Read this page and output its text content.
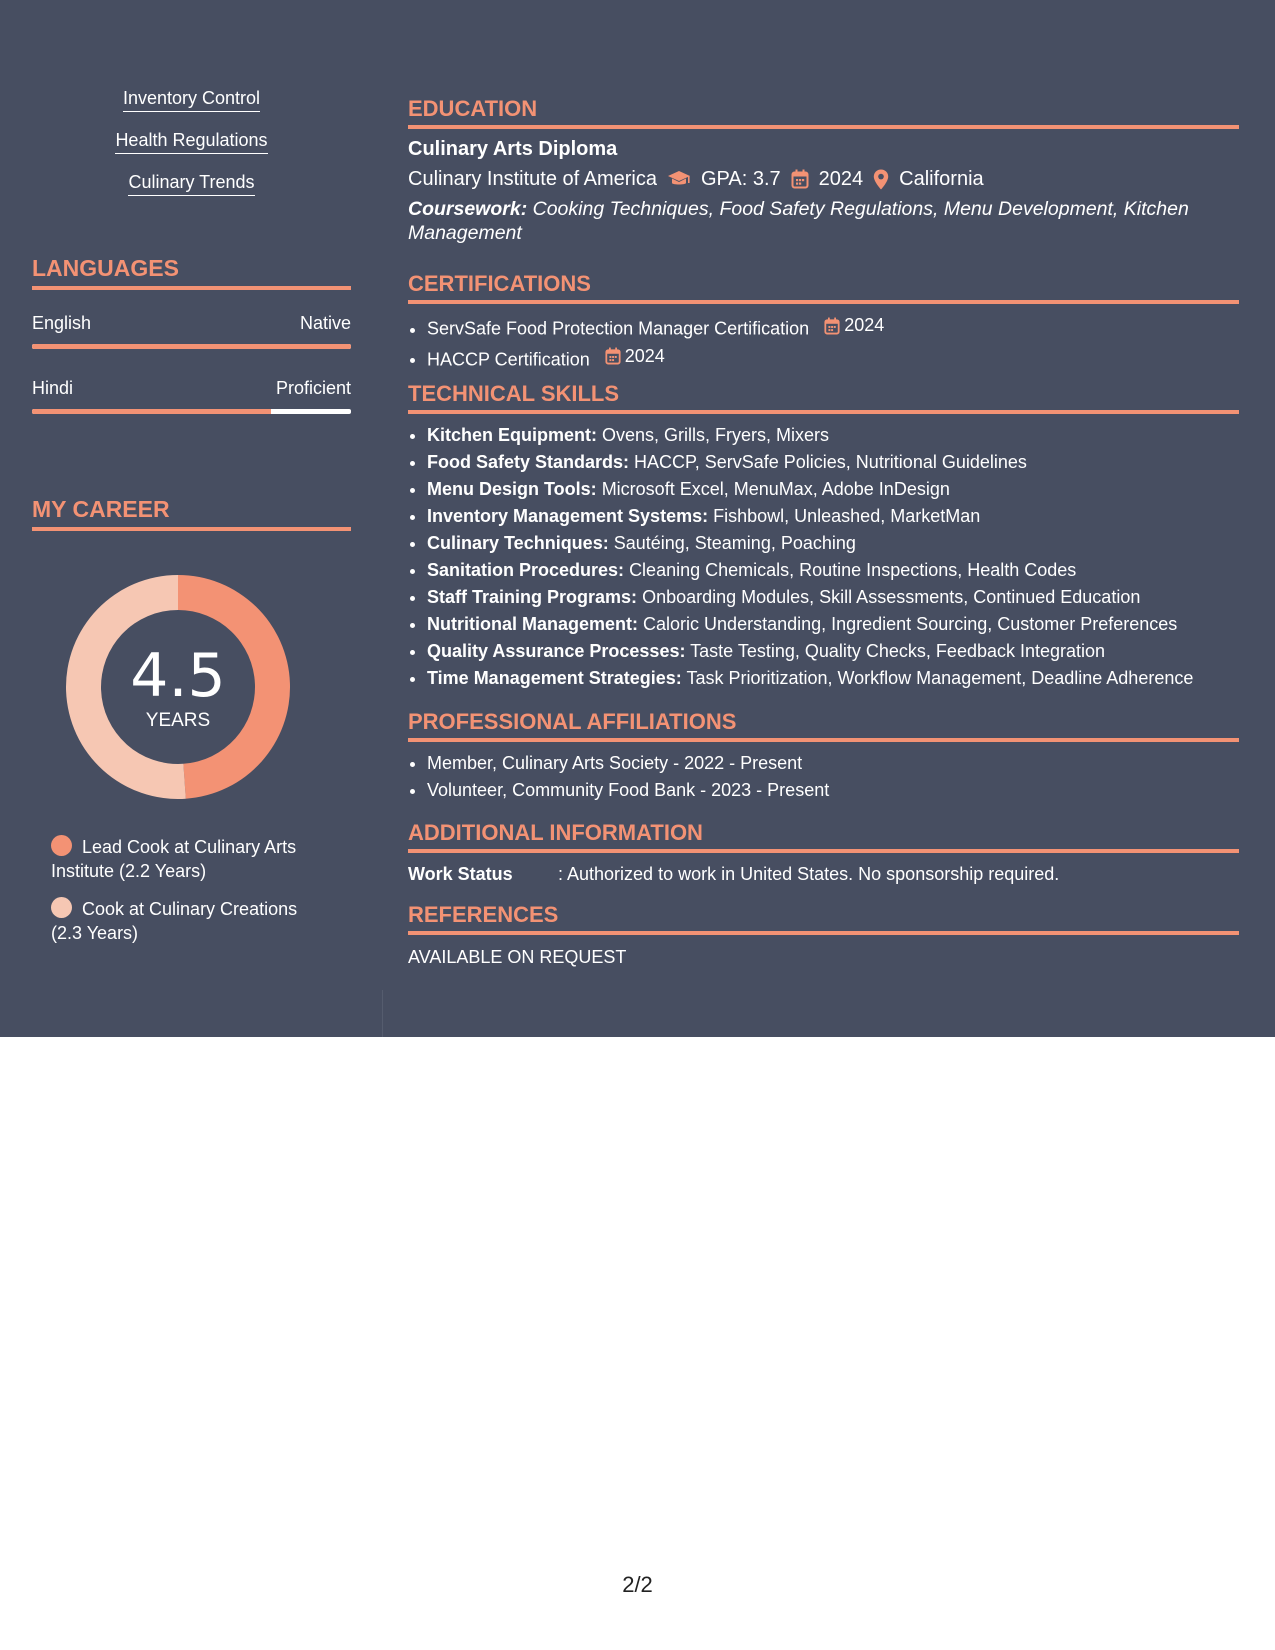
Inventory Control
Health Regulations
Culinary Trends
LANGUAGES
English	Native
Hindi	Proficient
MY CAREER
4.5
YEARS
Lead Cook at Culinary Arts Institute (2.2 Years)
Cook at Culinary Creations (2.3 Years)
EDUCATION
Culinary Arts Diploma
Culinary Institute of America GPA: 3.7 2024 California
Coursework: Cooking Techniques, Food Safety Regulations, Menu Development, Kitchen Management
CERTIFICATIONS
• ServSafe Food Protection Manager Certification 2024
• HACCP Certification 2024
TECHNICAL SKILLS
• Kitchen Equipment: Ovens, Grills, Fryers, Mixers
• Food Safety Standards: HACCP, ServSafe Policies, Nutritional Guidelines
• Menu Design Tools: Microsoft Excel, MenuMax, Adobe InDesign
• Inventory Management Systems: Fishbowl, Unleashed, MarketMan
• Culinary Techniques: Sautéing, Steaming, Poaching
• Sanitation Procedures: Cleaning Chemicals, Routine Inspections, Health Codes
• Staff Training Programs: Onboarding Modules, Skill Assessments, Continued Education
• Nutritional Management: Caloric Understanding, Ingredient Sourcing, Customer Preferences
• Quality Assurance Processes: Taste Testing, Quality Checks, Feedback Integration
• Time Management Strategies: Task Prioritization, Workflow Management, Deadline Adherence
PROFESSIONAL AFFILIATIONS
• Member, Culinary Arts Society - 2022 - Present
• Volunteer, Community Food Bank - 2023 - Present
ADDITIONAL INFORMATION
Work Status	: Authorized to work in United States. No sponsorship required.
REFERENCES
AVAILABLE ON REQUEST
2/2
